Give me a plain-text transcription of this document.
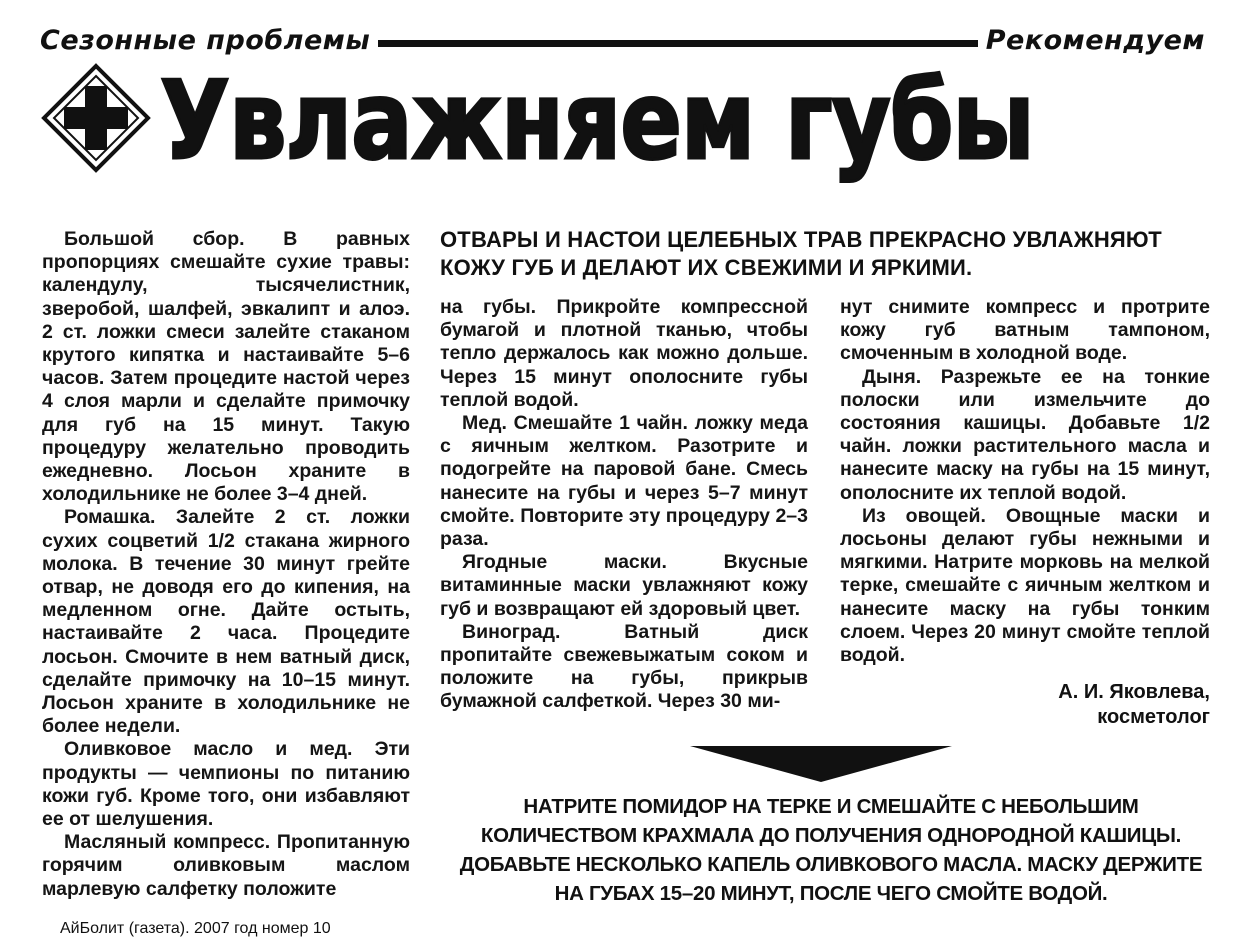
Сезонные проблемы	Рекомендуем
Увлажняем губы
ОТВАРЫ И НАСТОИ ЦЕЛЕБНЫХ ТРАВ ПРЕКРАСНО УВЛАЖНЯЮТ КОЖУ ГУБ И ДЕЛАЮТ ИХ СВЕЖИМИ И ЯРКИМИ.

Большой сбор. В равных пропорциях смешайте сухие травы: календулу, тысячелистник, зверобой, шалфей, эвкалипт и алоэ. 2 ст. ложки смеси залейте стаканом крутого кипятка и настаивайте 5–6 часов. Затем процедите настой через 4 слоя марли и сделайте примочку для губ на 15 минут. Такую процедуру желательно проводить ежедневно. Лосьон храните в холодильнике не более 3–4 дней.

Ромашка. Залейте 2 ст. ложки сухих соцветий 1/2 стакана жирного молока. В течение 30 минут грейте отвар, не доводя его до кипения, на медленном огне. Дайте остыть, настаивайте 2 часа. Процедите лосьон. Смочите в нем ватный диск, сделайте примочку на 10–15 минут. Лосьон храните в холодильнике не более недели.

Оливковое масло и мед. Эти продукты — чемпионы по питанию кожи губ. Кроме того, они избавляют ее от шелушения.

Масляный компресс. Пропитанную горячим оливковым маслом марлевую салфетку положите

на губы. Прикройте компрессной бумагой и плотной тканью, чтобы тепло держалось как можно дольше. Через 15 минут ополосните губы теплой водой.

Мед. Смешайте 1 чайн. ложку меда с яичным желтком. Разотрите и подогрейте на паровой бане. Смесь нанесите на губы и через 5–7 минут смойте. Повторите эту процедуру 2–3 раза.

Ягодные маски. Вкусные витаминные маски увлажняют кожу губ и возвращают ей здоровый цвет.

Виноград. Ватный диск пропитайте свежевыжатым соком и положите на губы, прикрыв бумажной салфеткой. Через 30 ми-

нут снимите компресс и протрите кожу губ ватным тампоном, смоченным в холодной воде.

Дыня. Разрежьте ее на тонкие полоски или измельчите до состояния кашицы. Добавьте 1/2 чайн. ложки растительного масла и нанесите маску на губы на 15 минут, ополосните их теплой водой.

Из овощей. Овощные маски и лосьоны делают губы нежными и мягкими. Натрите морковь на мелкой терке, смешайте с яичным желтком и нанесите маску на губы тонким слоем. Через 20 минут смойте теплой водой.

А. И. Яковлева,
косметолог
НАТРИТЕ ПОМИДОР НА ТЕРКЕ И СМЕШАЙТЕ С НЕБОЛЬШИМ КОЛИЧЕСТВОМ КРАХМАЛА ДО ПОЛУЧЕНИЯ ОДНОРОДНОЙ КАШИЦЫ. ДОБАВЬТЕ НЕСКОЛЬКО КАПЕЛЬ ОЛИВКОВОГО МАСЛА. МАСКУ ДЕРЖИТЕ НА ГУБАХ 15–20 МИНУТ, ПОСЛЕ ЧЕГО СМОЙТЕ ВОДОЙ.
АйБолит (газета). 2007 год номер 10
